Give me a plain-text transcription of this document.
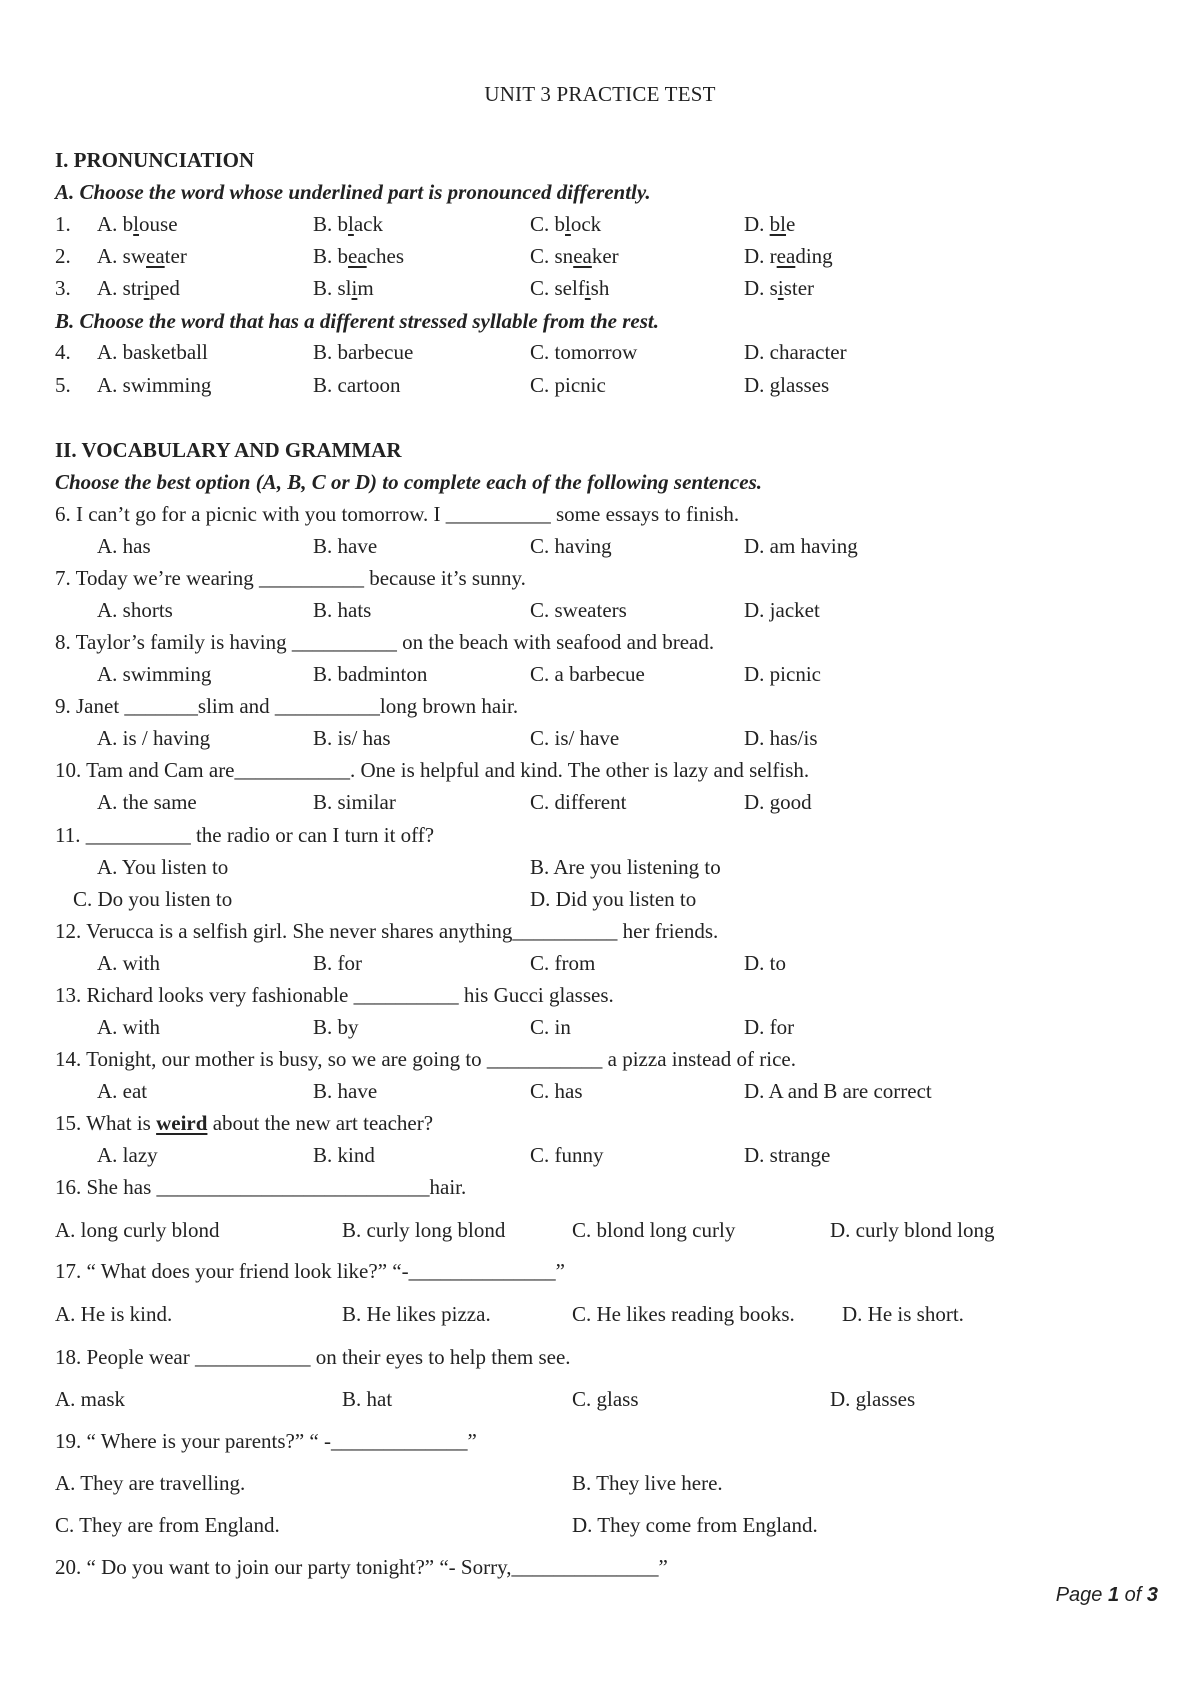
UNIT 3 PRACTICE TEST
I. PRONUNCIATION
A. Choose the word whose underlined part is pronounced differently.
1. A. blouse	B. black	C. block	D. ble
2. A. sweater	B. beaches	C. sneaker	D. reading
3. A. striped	B. slim	C. selfish	D. sister
B. Choose the word that has a different stressed syllable from the rest.
4. A. basketball	B. barbecue	C. tomorrow	D. character
5. A. swimming	B. cartoon	C. picnic	D. glasses
II. VOCABULARY AND GRAMMAR
Choose the best option (A, B, C or D) to complete each of the following sentences.
6. I can’t go for a picnic with you tomorrow. I __________ some essays to finish.
A. has	B. have	C. having	D. am having
7. Today we’re wearing __________ because it’s sunny.
A. shorts	B. hats	C. sweaters	D. jacket
8. Taylor’s family is having __________ on the beach with seafood and bread.
A. swimming	B. badminton	C. a barbecue	D. picnic
9. Janet _______slim and __________long brown hair.
A. is / having	B. is/ has	C. is/ have	D. has/is
10. Tam and Cam are___________. One is helpful and kind. The other is lazy and selfish.
A. the same	B. similar	C. different	D. good
11. __________ the radio or can I turn it off?
A. You listen to	B. Are you listening to
C. Do you listen to	D. Did you listen to
12. Verucca is a selfish girl. She never shares anything__________ her friends.
A. with	B. for	C. from	D. to
13. Richard looks very fashionable __________ his Gucci glasses.
A. with	B. by	C. in	D. for
14. Tonight, our mother is busy, so we are going to ___________ a pizza instead of rice.
A. eat	B. have	C. has	D. A and B are correct
15. What is weird about the new art teacher?
A. lazy	B. kind	C. funny	D. strange
16. She has __________________________hair.
A. long curly blond	B. curly long blond	C. blond long curly	D. curly blond long
17. “ What does your friend look like?” “-______________”
A. He is kind.	B. He likes pizza.	C. He likes reading books. D. He is short.
18. People wear ___________ on their eyes to help them see.
A. mask	B. hat	C. glass	D. glasses
19. “ Where is your parents?” “ -_____________”
A. They are travelling.	B. They live here.
C. They are from England.	D. They come from England.
20. “ Do you want to join our party tonight?” “- Sorry,______________”
Page 1 of 3
